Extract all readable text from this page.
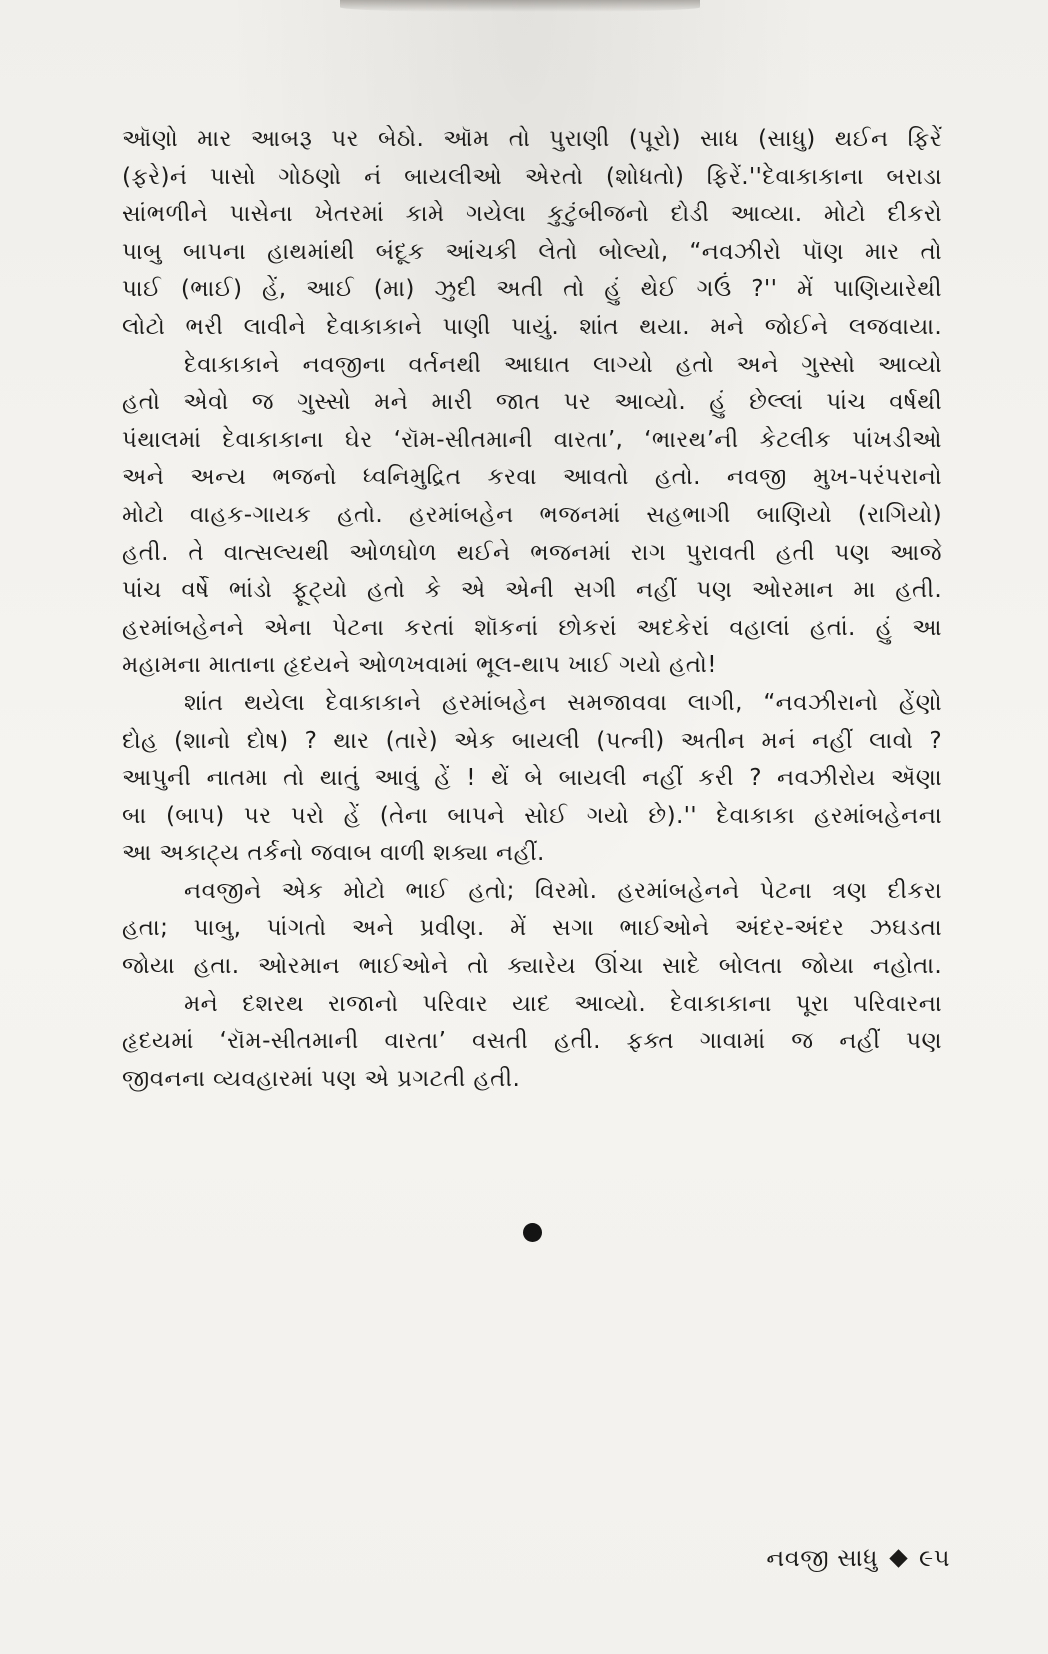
ઑણો માર આબરૂ પર બેઠો. ઑમ તો પુરાણી (પૂરો) સાધ (સાધુ) થઈન ફિરેં

(ફરે)નં પાસો ગોઠણો નં બાયલીઓ એરતો (શોધતો) ફિરેં.''દેવાકાકાના બરાડા

સાંભળીને પાસેના ખેતરમાં કામે ગયેલા કુટુંબીજનો દોડી આવ્યા. મોટો દીકરો

પાબુ બાપના હાથમાંથી બંદૂક આંચકી લેતો બોલ્યો, “નવઝીરો પૉણ માર તો

પાઈ (ભાઈ) હેં, આઈ (મા) ઝુદી અતી તો હું થેઈ ગઉં ?'' મેં પાણિયારેથી

લોટો ભરી લાવીને દેવાકાકાને પાણી પાયું. શાંત થયા. મને જોઈને લજવાયા.

દેવાકાકાને નવજીના વર્તનથી આઘાત લાગ્યો હતો અને ગુસ્સો આવ્યો

હતો એવો જ ગુસ્સો મને મારી જાત પર આવ્યો. હું છેલ્લાં પાંચ વર્ષથી

પંથાલમાં દેવાકાકાના ઘેર ‘રૉમ-સીતમાની વારતા’, ‘ભારથ’ની કેટલીક પાંખડીઓ

અને અન્ય ભજનો ધ્વનિમુદ્રિત કરવા આવતો હતો. નવજી મુખ-પરંપરાનો

મોટો વાહક-ગાયક હતો. હરમાંબહેન ભજનમાં સહભાગી બાણિયો (રાગિયો)

હતી. તે વાત્સલ્યથી ઓળઘોળ થઈને ભજનમાં રાગ પુરાવતી હતી પણ આજે

પાંચ વર્ષે ભાંડો ફૂટ્યો હતો કે એ એની સગી નહીં પણ ઓરમાન મા હતી.

હરમાંબહેનને એના પેટના કરતાં શૉકનાં છોકરાં અદકેરાં વહાલાં હતાં. હું આ

મહામના માતાના હૃદયને ઓળખવામાં ભૂલ-થાપ ખાઈ ગયો હતો!

શાંત થયેલા દેવાકાકાને હરમાંબહેન સમજાવવા લાગી, “નવઝીરાનો હેંણો

દોહ (શાનો દોષ) ? થાર (તારે) એક બાયલી (પત્ની) અતીન મનં નહીં લાવો ?

આપુની નાતમા તો થાતું આવું હેં ! થેં બે બાયલી નહીં કરી ? નવઝીરોય ઍણા

બા (બાપ) પર પરો હેં (તેના બાપને સોઈ ગયો છે).'' દેવાકાકા હરમાંબહેનના

આ અકાટ્ય તર્કનો જવાબ વાળી શક્યા નહીં.

નવજીને એક મોટો ભાઈ હતો; વિરમો. હરમાંબહેનને પેટના ત્રણ દીકરા

હતા; પાબુ, પાંગતો અને પ્રવીણ. મેં સગા ભાઈઓને અંદર-અંદર ઝઘડતા

જોયા હતા. ઓરમાન ભાઈઓને તો ક્યારેય ઊંચા સાદે બોલતા જોયા નહોતા.

મને દશરથ રાજાનો પરિવાર યાદ આવ્યો. દેવાકાકાના પૂરા પરિવારના

હૃદયમાં ‘રૉમ-સીતમાની વારતા’ વસતી હતી. ફક્ત ગાવામાં જ નહીં પણ

જીવનના વ્યવહારમાં પણ એ પ્રગટતી હતી.

નવજી સાધુ ૯૫
